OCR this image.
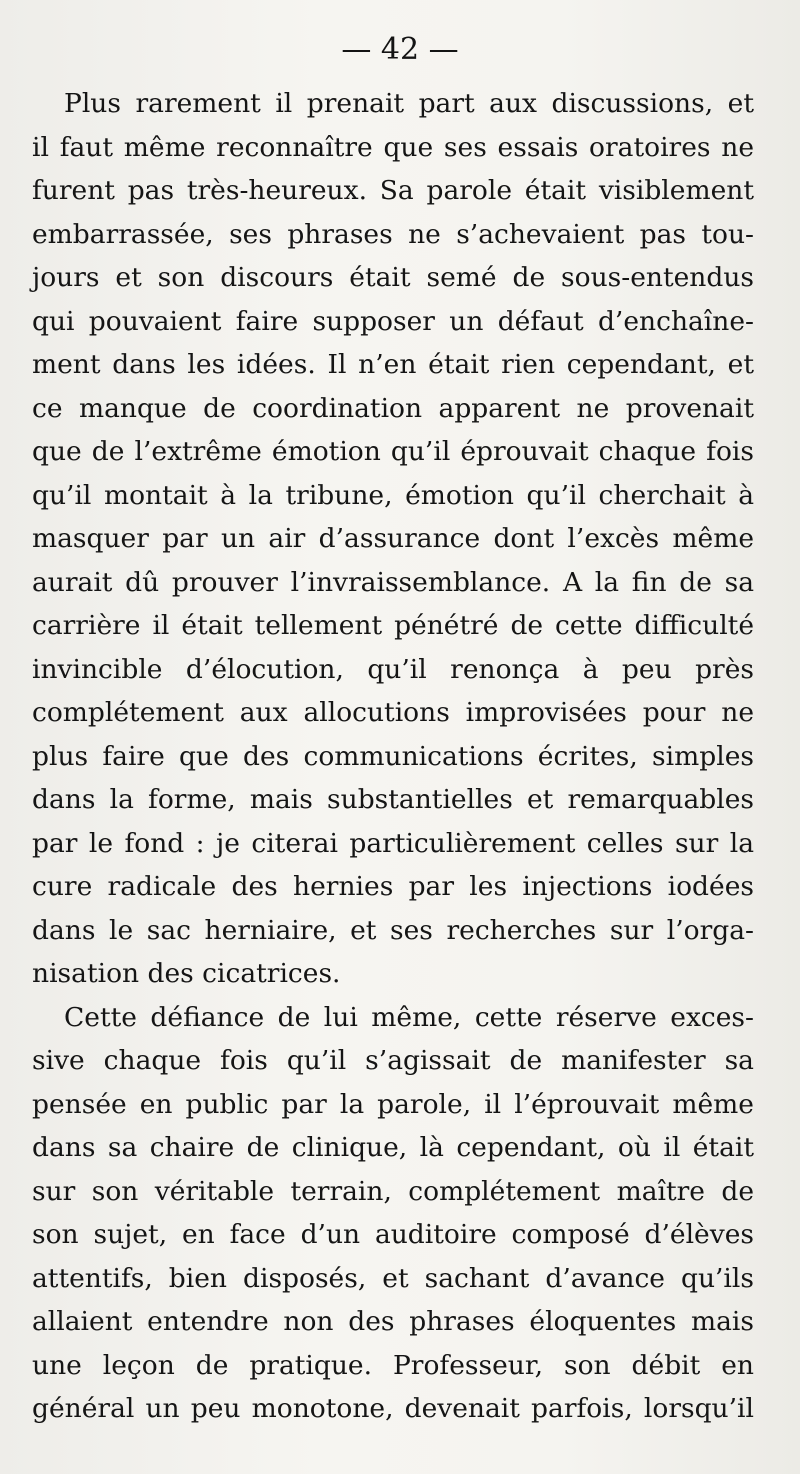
— 42 —
Plus rarement il prenait part aux discussions, et
il faut même reconnaître que ses essais oratoires ne
furent pas très-heureux. Sa parole était visiblement
embarrassée, ses phrases ne s’achevaient pas tou-
jours et son discours était semé de sous-entendus
qui pouvaient faire supposer un défaut d’enchaîne-
ment dans les idées. Il n’en était rien cependant, et
ce manque de coordination apparent ne provenait
que de l’extrême émotion qu’il éprouvait chaque fois
qu’il montait à la tribune, émotion qu’il cherchait à
masquer par un air d’assurance dont l’excès même
aurait dû prouver l’invraissemblance. A la fin de sa
carrière il était tellement pénétré de cette difficulté
invincible d’élocution, qu’il renonça à peu près
complétement aux allocutions improvisées pour ne
plus faire que des communications écrites, simples
dans la forme, mais substantielles et remarquables
par le fond : je citerai particulièrement celles sur la
cure radicale des hernies par les injections iodées
dans le sac herniaire, et ses recherches sur l’orga-
nisation des cicatrices.
Cette défiance de lui même, cette réserve exces-
sive chaque fois qu’il s’agissait de manifester sa
pensée en public par la parole, il l’éprouvait même
dans sa chaire de clinique, là cependant, où il était
sur son véritable terrain, complétement maître de
son sujet, en face d’un auditoire composé d’élèves
attentifs, bien disposés, et sachant d’avance qu’ils
allaient entendre non des phrases éloquentes mais
une leçon de pratique. Professeur, son débit en
général un peu monotone, devenait parfois, lorsqu’il
